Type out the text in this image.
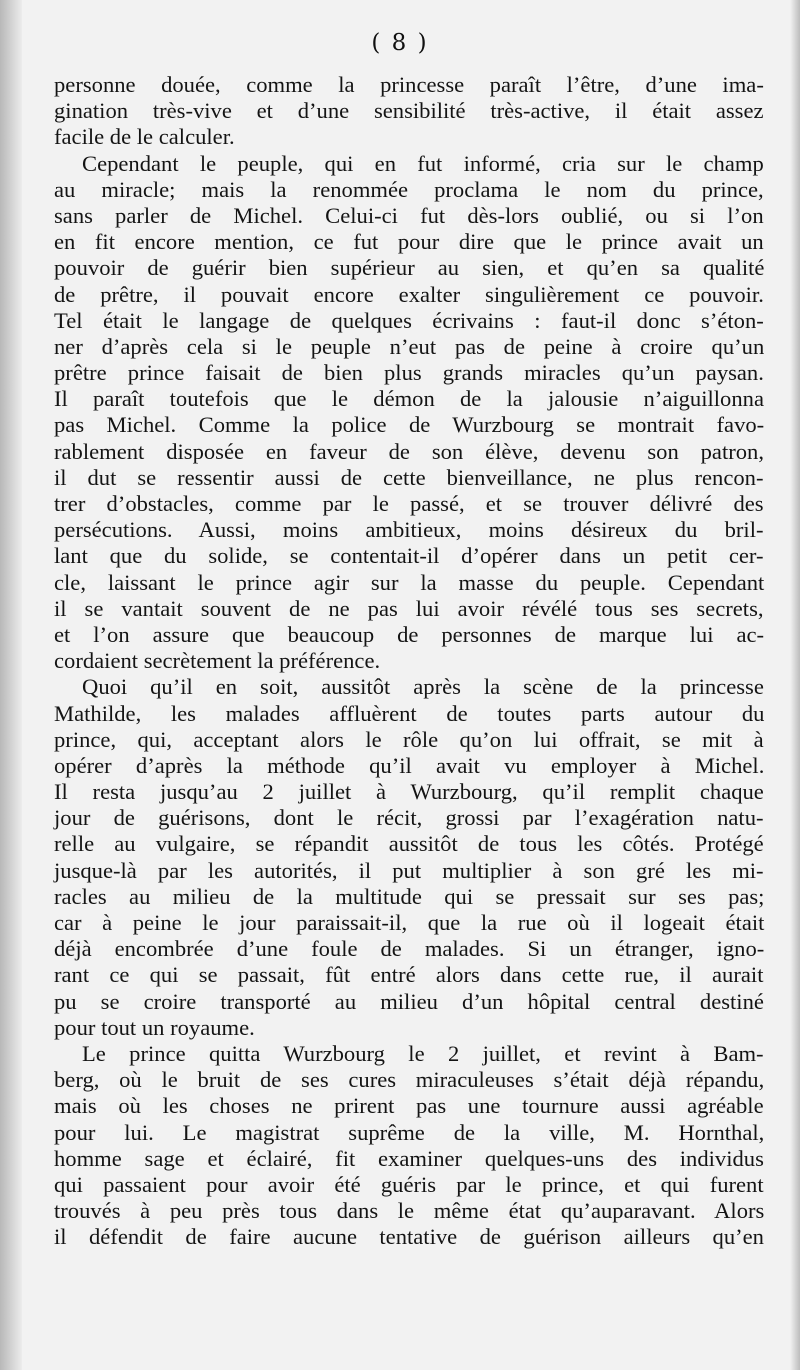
( 8 )
personne douée, comme la princesse paraît l’être, d’une ima-
gination très-vive et d’une sensibilité très-active, il était assez
facile de le calculer.
Cependant le peuple, qui en fut informé, cria sur le champ
au miracle; mais la renommée proclama le nom du prince,
sans parler de Michel. Celui-ci fut dès-lors oublié, ou si l’on
en fit encore mention, ce fut pour dire que le prince avait un
pouvoir de guérir bien supérieur au sien, et qu’en sa qualité
de prêtre, il pouvait encore exalter singulièrement ce pouvoir.
Tel était le langage de quelques écrivains : faut-il donc s’éton-
ner d’après cela si le peuple n’eut pas de peine à croire qu’un
prêtre prince faisait de bien plus grands miracles qu’un paysan.
Il paraît toutefois que le démon de la jalousie n’aiguillonna
pas Michel. Comme la police de Wurzbourg se montrait favo-
rablement disposée en faveur de son élève, devenu son patron,
il dut se ressentir aussi de cette bienveillance, ne plus rencon-
trer d’obstacles, comme par le passé, et se trouver délivré des
persécutions. Aussi, moins ambitieux, moins désireux du bril-
lant que du solide, se contentait-il d’opérer dans un petit cer-
cle, laissant le prince agir sur la masse du peuple. Cependant
il se vantait souvent de ne pas lui avoir révélé tous ses secrets,
et l’on assure que beaucoup de personnes de marque lui ac-
cordaient secrètement la préférence.
Quoi qu’il en soit, aussitôt après la scène de la princesse
Mathilde, les malades affluèrent de toutes parts autour du
prince, qui, acceptant alors le rôle qu’on lui offrait, se mit à
opérer d’après la méthode qu’il avait vu employer à Michel.
Il resta jusqu’au 2 juillet à Wurzbourg, qu’il remplit chaque
jour de guérisons, dont le récit, grossi par l’exagération natu-
relle au vulgaire, se répandit aussitôt de tous les côtés. Protégé
jusque-là par les autorités, il put multiplier à son gré les mi-
racles au milieu de la multitude qui se pressait sur ses pas;
car à peine le jour paraissait-il, que la rue où il logeait était
déjà encombrée d’une foule de malades. Si un étranger, igno-
rant ce qui se passait, fût entré alors dans cette rue, il aurait
pu se croire transporté au milieu d’un hôpital central destiné
pour tout un royaume.
Le prince quitta Wurzbourg le 2 juillet, et revint à Bam-
berg, où le bruit de ses cures miraculeuses s’était déjà répandu,
mais où les choses ne prirent pas une tournure aussi agréable
pour lui. Le magistrat suprême de la ville, M. Hornthal,
homme sage et éclairé, fit examiner quelques-uns des individus
qui passaient pour avoir été guéris par le prince, et qui furent
trouvés à peu près tous dans le même état qu’auparavant. Alors
il défendit de faire aucune tentative de guérison ailleurs qu’en
